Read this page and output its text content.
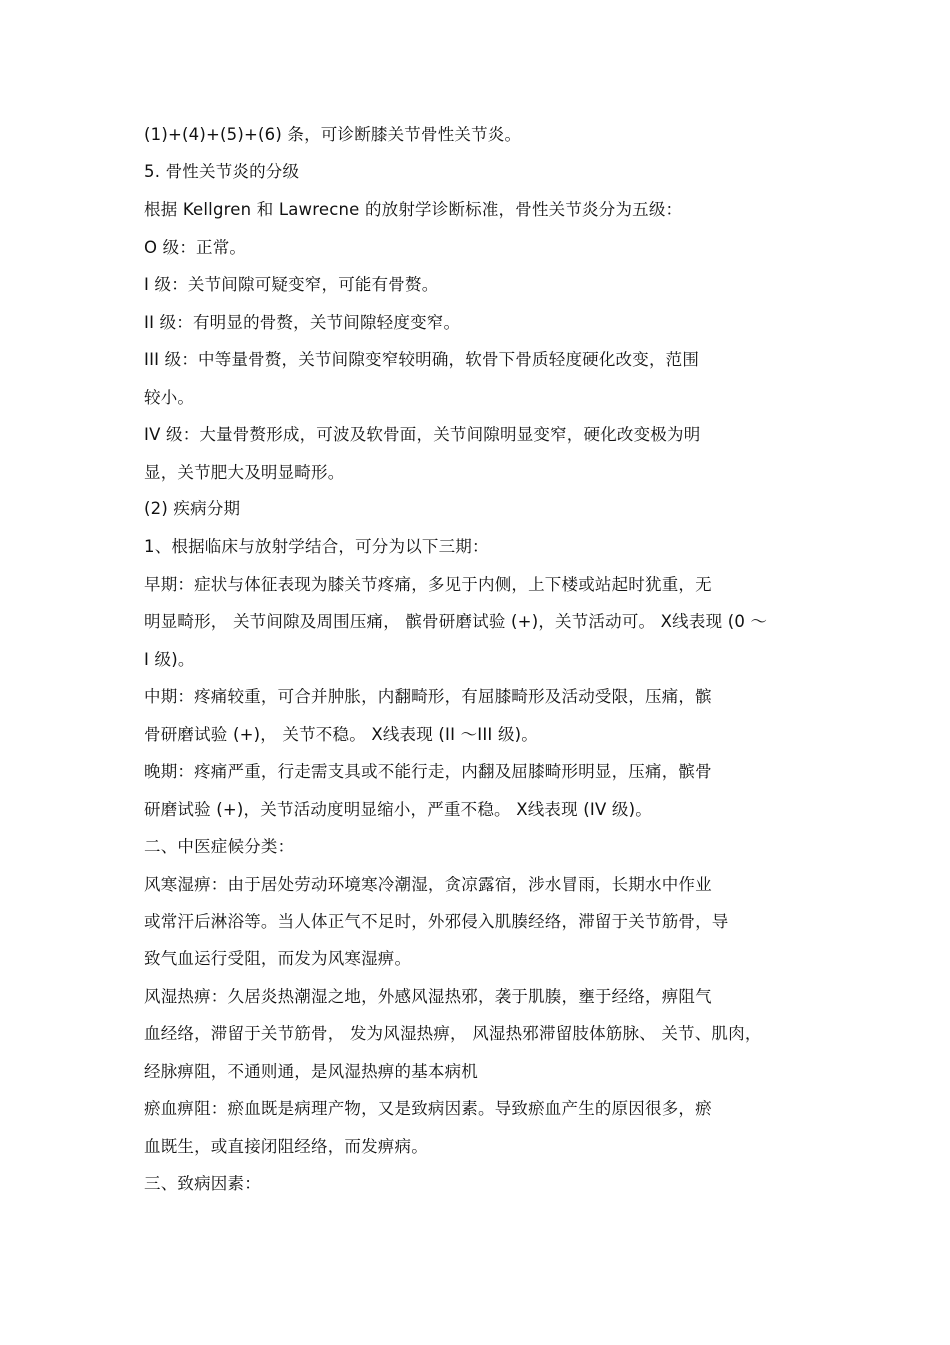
(1)+(4)+(5)+(6) 条，可诊断膝关节骨性关节炎。
5. 骨性关节炎的分级
根据 Kellgren 和 Lawrecne 的放射学诊断标准，骨性关节炎分为五级：
O 级：正常。
I 级：关节间隙可疑变窄，可能有骨赘。
II 级：有明显的骨赘，关节间隙轻度变窄。
III 级：中等量骨赘，关节间隙变窄较明确，软骨下骨质轻度硬化改变，范围
较小。
IV 级：大量骨赘形成，可波及软骨面，关节间隙明显变窄，硬化改变极为明
显，关节肥大及明显畸形。
(2) 疾病分期
1、根据临床与放射学结合，可分为以下三期：
早期：症状与体征表现为膝关节疼痛，多见于内侧，上下楼或站起时犹重，无
明显畸形， 关节间隙及周围压痛， 髌骨研磨试验 (+)，关节活动可。 X线表现 (0 ～
I 级)。
中期：疼痛较重，可合并肿胀，内翻畸形，有屈膝畸形及活动受限，压痛，髌
骨研磨试验 (+)， 关节不稳。 X线表现 (II ～III 级)。
晚期：疼痛严重，行走需支具或不能行走，内翻及屈膝畸形明显，压痛，髌骨
研磨试验 (+)，关节活动度明显缩小，严重不稳。 X线表现 (IV 级)。
二、中医症候分类：
风寒湿痹：由于居处劳动环境寒冷潮湿，贪凉露宿，涉水冒雨，长期水中作业
或常汗后淋浴等。当人体正气不足时，外邪侵入肌腠经络，滞留于关节筋骨，导
致气血运行受阻，而发为风寒湿痹。
风湿热痹：久居炎热潮湿之地，外感风湿热邪，袭于肌腠，壅于经络，痹阻气
血经络，滞留于关节筋骨， 发为风湿热痹， 风湿热邪滞留肢体筋脉、 关节、肌肉，
经脉痹阻，不通则通，是风湿热痹的基本病机
瘀血痹阻：瘀血既是病理产物，又是致病因素。导致瘀血产生的原因很多，瘀
血既生，或直接闭阻经络，而发痹病。
三、致病因素：
